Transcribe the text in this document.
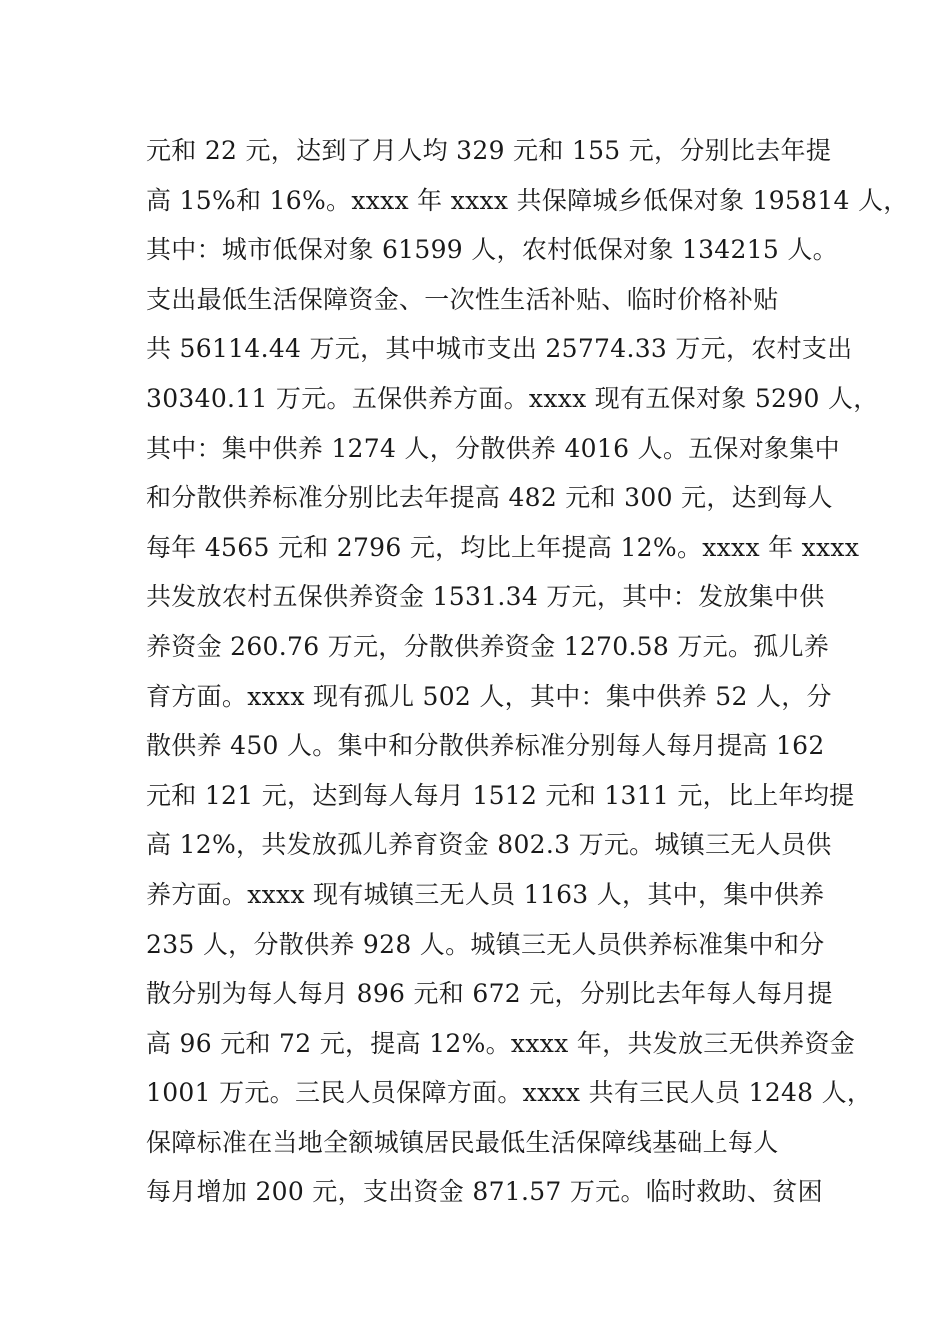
元和 22 元，达到了月人均 329 元和 155 元，分别比去年提
高 15%和 16%。xxxx 年 xxxx 共保障城乡低保对象 195814 人，
其中：城市低保对象 61599 人，农村低保对象 134215 人。
支出最低生活保障资金、一次性生活补贴、临时价格补贴
共 56114.44 万元，其中城市支出 25774.33 万元，农村支出
30340.11 万元。五保供养方面。xxxx 现有五保对象 5290 人，
其中：集中供养 1274 人，分散供养 4016 人。五保对象集中
和分散供养标准分别比去年提高 482 元和 300 元，达到每人
每年 4565 元和 2796 元，均比上年提高 12%。xxxx 年 xxxx
共发放农村五保供养资金 1531.34 万元，其中：发放集中供
养资金 260.76 万元，分散供养资金 1270.58 万元。孤儿养
育方面。xxxx 现有孤儿 502 人，其中：集中供养 52 人，分
散供养 450 人。集中和分散供养标准分别每人每月提高 162
元和 121 元，达到每人每月 1512 元和 1311 元，比上年均提
高 12%，共发放孤儿养育资金 802.3 万元。城镇三无人员供
养方面。xxxx 现有城镇三无人员 1163 人，其中，集中供养
235 人，分散供养 928 人。城镇三无人员供养标准集中和分
散分别为每人每月 896 元和 672 元，分别比去年每人每月提
高 96 元和 72 元，提高 12%。xxxx 年，共发放三无供养资金
1001 万元。三民人员保障方面。xxxx 共有三民人员 1248 人，
保障标准在当地全额城镇居民最低生活保障线基础上每人
每月增加 200 元，支出资金 871.57 万元。临时救助、贫困
